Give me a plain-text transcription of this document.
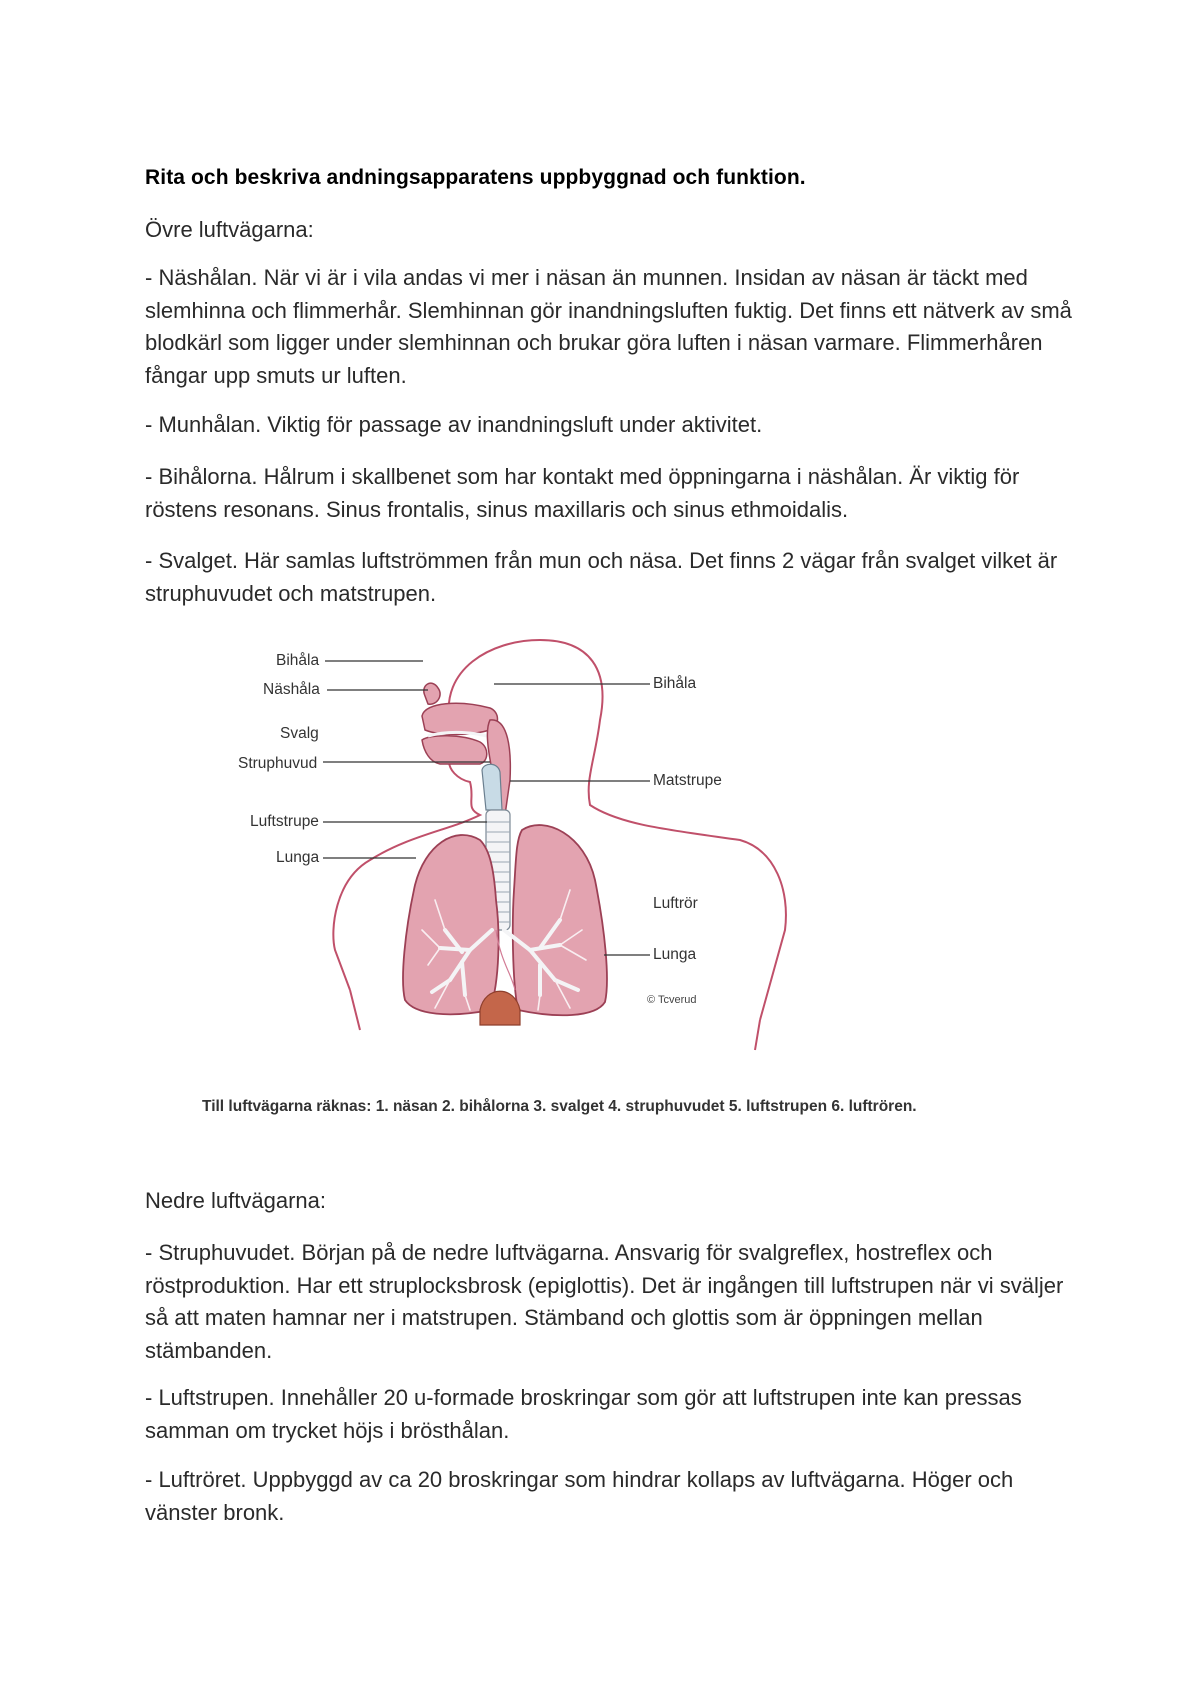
Rita och beskriva andningsapparatens uppbyggnad och funktion.

Övre luftvägarna:

- Näshålan. När vi är i vila andas vi mer i näsan än munnen. Insidan av näsan är täckt med slemhinna och flimmerhår. Slemhinnan gör inandningsluften fuktig. Det finns ett nätverk av små blodkärl som ligger under slemhinnan och brukar göra luften i näsan varmare. Flimmerhåren fångar upp smuts ur luften.

- Munhålan. Viktig för passage av inandningsluft under aktivitet.

- Bihålorna. Hålrum i skallbenet som har kontakt med öppningarna i näshålan. Är viktig för röstens resonans. Sinus frontalis, sinus maxillaris och sinus ethmoidalis.

- Svalget. Här samlas luftströmmen från mun och näsa. Det finns 2 vägar från svalget vilket är struphuvudet och matstrupen.

Bihåla
Näshåla
Svalg
Struphuvud
Luftstrupe
Lunga
Bihåla
Matstrupe
Luftrör
Lunga
© Tcverud

Till luftvägarna räknas: 1. näsan 2. bihålorna 3. svalget 4. struphuvudet 5. luftstrupen 6. luftrören.

Nedre luftvägarna:

- Struphuvudet. Början på de nedre luftvägarna. Ansvarig för svalgreflex, hostreflex och röstproduktion. Har ett struplocksbrosk (epiglottis). Det är ingången till luftstrupen när vi sväljer så att maten hamnar ner i matstrupen. Stämband och glottis som är öppningen mellan stämbanden.

- Luftstrupen. Innehåller 20 u-formade broskringar som gör att luftstrupen inte kan pressas samman om trycket höjs i brösthålan.

- Luftröret. Uppbyggd av ca 20 broskringar som hindrar kollaps av luftvägarna. Höger och vänster bronk.
